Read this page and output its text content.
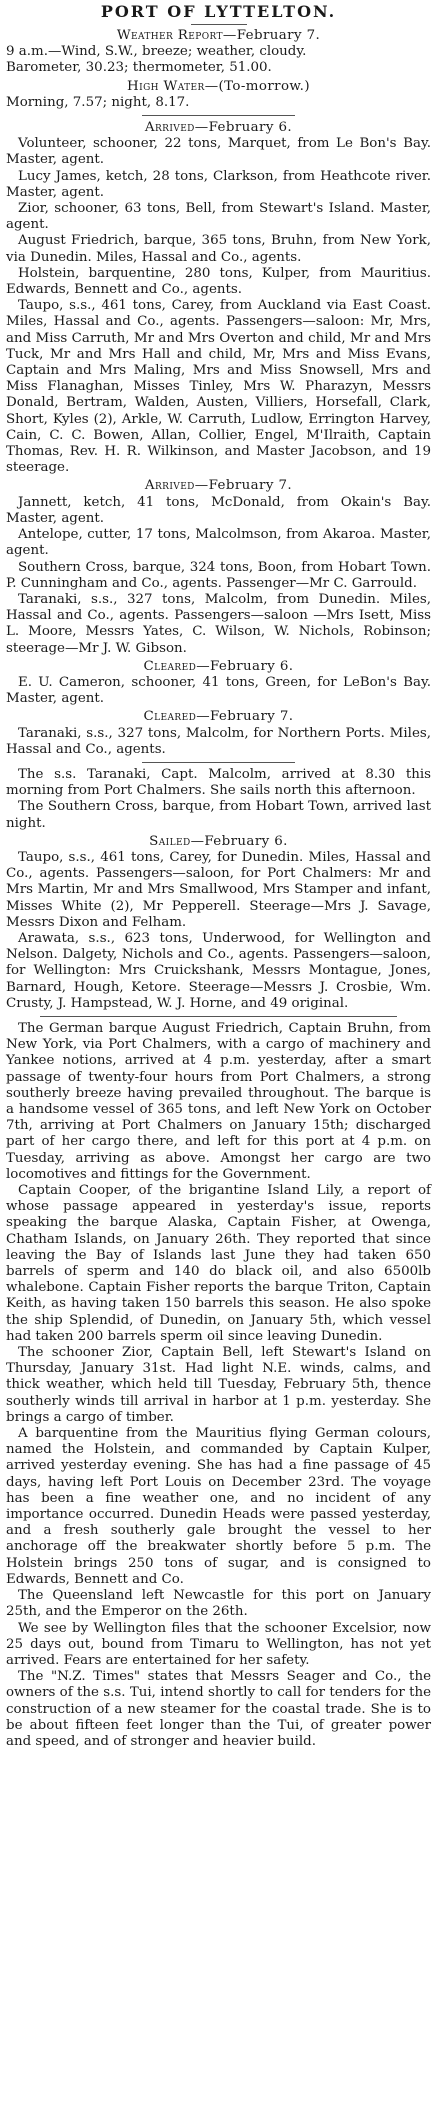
PORT OF LYTTELTON.
Weather Report—February 7.

9 a.m.—Wind, S.W., breeze; weather, cloudy.

Barometer, 30.23; thermometer, 51.00.

High Water—(To-morrow.)

Morning, 7.57; night, 8.17.

Arrived—February 6.

Volunteer, schooner, 22 tons, Marquet, from Le Bon's Bay. Master, agent.

Lucy James, ketch, 28 tons, Clarkson, from Heathcote river. Master, agent.

Zior, schooner, 63 tons, Bell, from Stewart's Island. Master, agent.

August Friedrich, barque, 365 tons, Bruhn, from New York, via Dunedin. Miles, Hassal and Co., agents.

Holstein, barquentine, 280 tons, Kulper, from Mauritius. Edwards, Bennett and Co., agents.

Taupo, s.s., 461 tons, Carey, from Auckland via East Coast. Miles, Hassal and Co., agents. Passengers—saloon: Mr, Mrs, and Miss Carruth, Mr and Mrs Overton and child, Mr and Mrs Tuck, Mr and Mrs Hall and child, Mr, Mrs and Miss Evans, Captain and Mrs Maling, Mrs and Miss Snowsell, Mrs and Miss Flanaghan, Misses Tinley, Mrs W. Pharazyn, Messrs Donald, Bertram, Walden, Austen, Villiers, Horsefall, Clark, Short, Kyles (2), Arkle, W. Carruth, Ludlow, Errington Harvey, Cain, C. C. Bowen, Allan, Collier, Engel, M'Ilraith, Captain Thomas, Rev. H. R. Wilkinson, and Master Jacobson, and 19 steerage.

Arrived—February 7.

Jannett, ketch, 41 tons, McDonald, from Okain's Bay. Master, agent.

Antelope, cutter, 17 tons, Malcolmson, from Akaroa. Master, agent.

Southern Cross, barque, 324 tons, Boon, from Hobart Town. P. Cunningham and Co., agents. Passenger—Mr C. Garrould.

Taranaki, s.s., 327 tons, Malcolm, from Dunedin. Miles, Hassal and Co., agents. Passengers—saloon —Mrs Isett, Miss L. Moore, Messrs Yates, C. Wilson, W. Nichols, Robinson; steerage—Mr J. W. Gibson.

Cleared—February 6.

E. U. Cameron, schooner, 41 tons, Green, for LeBon's Bay. Master, agent.

Cleared—February 7.

Taranaki, s.s., 327 tons, Malcolm, for Northern Ports. Miles, Hassal and Co., agents.

The s.s. Taranaki, Capt. Malcolm, arrived at 8.30 this morning from Port Chalmers. She sails north this afternoon.

The Southern Cross, barque, from Hobart Town, arrived last night.

Sailed—February 6.

Taupo, s.s., 461 tons, Carey, for Dunedin. Miles, Hassal and Co., agents. Passengers—saloon, for Port Chalmers: Mr and Mrs Martin, Mr and Mrs Smallwood, Mrs Stamper and infant, Misses White (2), Mr Pepperell. Steerage—Mrs J. Savage, Messrs Dixon and Felham.

Arawata, s.s., 623 tons, Underwood, for Wellington and Nelson. Dalgety, Nichols and Co., agents. Passengers—saloon, for Wellington: Mrs Cruickshank, Messrs Montague, Jones, Barnard, Hough, Ketore. Steerage—Messrs J. Crosbie, Wm. Crusty, J. Hampstead, W. J. Horne, and 49 original.

The German barque August Friedrich, Captain Bruhn, from New York, via Port Chalmers, with a cargo of machinery and Yankee notions, arrived at 4 p.m. yesterday, after a smart passage of twenty-four hours from Port Chalmers, a strong southerly breeze having prevailed throughout. The barque is a handsome vessel of 365 tons, and left New York on October 7th, arriving at Port Chalmers on January 15th; discharged part of her cargo there, and left for this port at 4 p.m. on Tuesday, arriving as above. Amongst her cargo are two locomotives and fittings for the Government.

Captain Cooper, of the brigantine Island Lily, a report of whose passage appeared in yesterday's issue, reports speaking the barque Alaska, Captain Fisher, at Owenga, Chatham Islands, on January 26th. They reported that since leaving the Bay of Islands last June they had taken 650 barrels of sperm and 140 do black oil, and also 6500lb whalebone. Captain Fisher reports the barque Triton, Captain Keith, as having taken 150 barrels this season. He also spoke the ship Splendid, of Dunedin, on January 5th, which vessel had taken 200 barrels sperm oil since leaving Dunedin.

The schooner Zior, Captain Bell, left Stewart's Island on Thursday, January 31st. Had light N.E. winds, calms, and thick weather, which held till Tuesday, February 5th, thence southerly winds till arrival in harbor at 1 p.m. yesterday. She brings a cargo of timber.

A barquentine from the Mauritius flying German colours, named the Holstein, and commanded by Captain Kulper, arrived yesterday evening. She has had a fine passage of 45 days, having left Port Louis on December 23rd. The voyage has been a fine weather one, and no incident of any importance occurred. Dunedin Heads were passed yesterday, and a fresh southerly gale brought the vessel to her anchorage off the breakwater shortly before 5 p.m. The Holstein brings 250 tons of sugar, and is consigned to Edwards, Bennett and Co.

The Queensland left Newcastle for this port on January 25th, and the Emperor on the 26th.

We see by Wellington files that the schooner Excelsior, now 25 days out, bound from Timaru to Wellington, has not yet arrived. Fears are entertained for her safety.

The "N.Z. Times" states that Messrs Seager and Co., the owners of the s.s. Tui, intend shortly to call for tenders for the construction of a new steamer for the coastal trade. She is to be about fifteen feet longer than the Tui, of greater power and speed, and of stronger and heavier build.
